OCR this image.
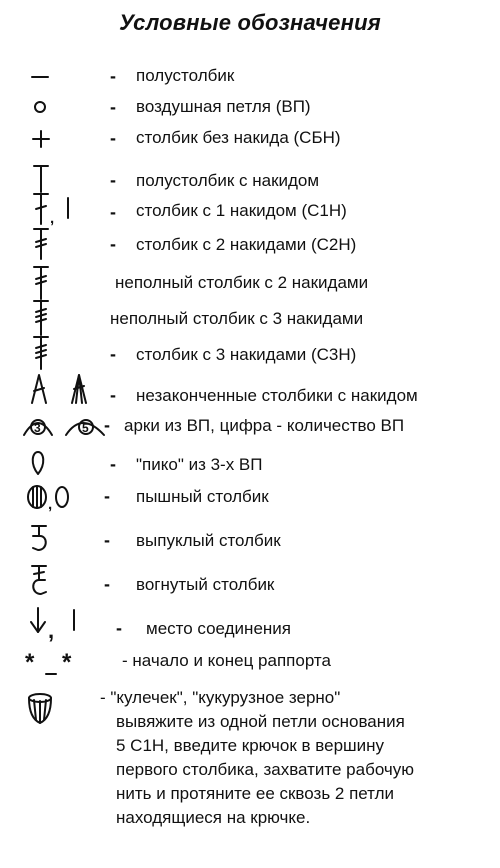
Условные обозначения
- полустолбик
- воздушная петля (ВП)
- столбик без накида (СБН)
- полустолбик с накидом
,	- столбик с 1 накидом (С1Н)
- столбик с 2 накидами (С2Н)
неполный столбик с 2 накидами
неполный столбик с 3 накидами
- столбик с 3 накидами (С3Н)
- незаконченные столбики с накидом
3	5 - арки из ВП, цифра - количество ВП
- "пико" из 3-х ВП
,	- пышный столбик
- выпуклый столбик
- вогнутый столбик
,	- место соединения
* *	- начало и конец раппорта
- "кулечек", "кукурузное зерно"
вывяжите из одной петли основания
5 С1Н, введите крючок в вершину
первого столбика, захватите рабочую
нить и протяните ее сквозь 2 петли
находящиеся на крючке.
